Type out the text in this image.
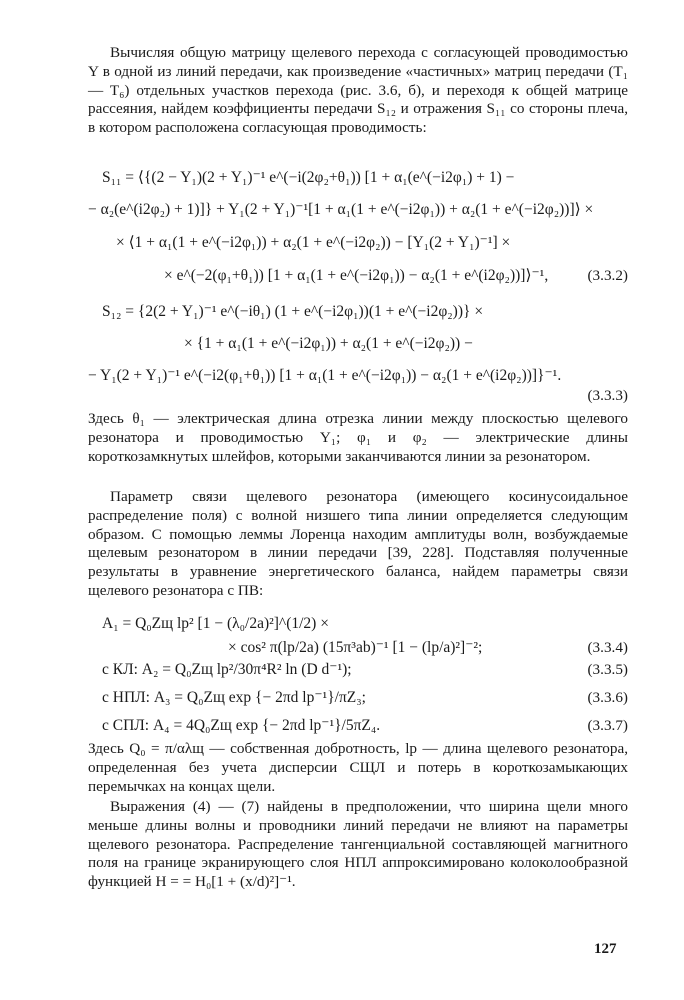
Вычисляя общую матрицу щелевого перехода с согласующей проводимостью Y в одной из линий передачи, как произведение «частичных» матриц передачи (T₁ — T₆) отдельных участков перехода (рис. 3.6, б), и переходя к общей матрице рассеяния, найдем коэффициенты передачи S₁₂ и отражения S₁₁ со стороны плеча, в котором расположена согласующая проводимость:

S₁₁ = ⟨{(2 − Y₁)(2 + Y₁)⁻¹ e^(−i(2φ₂+θ₁)) [1 + α₁(e^(−i2φ₁) + 1) −
− α₂(e^(i2φ₂) + 1)]} + Y₁(2 + Y₁)⁻¹[1 + α₁(1 + e^(−i2φ₁)) + α₂(1 + e^(−i2φ₂))]⟩ ×
× ⟨1 + α₁(1 + e^(−i2φ₁)) + α₂(1 + e^(−i2φ₂)) − [Y₁(2 + Y₁)⁻¹] ×
× e^(−2(φ₁+θ₁)) [1 + α₁(1 + e^(−i2φ₁)) − α₂(1 + e^(i2φ₂))]⟩⁻¹,	(3.3.2)
S₁₂ = {2(2 + Y₁)⁻¹ e^(−iθ₁) (1 + e^(−i2φ₁))(1 + e^(−i2φ₂))} ×
× {1 + α₁(1 + e^(−i2φ₁)) + α₂(1 + e^(−i2φ₂)) −
− Y₁(2 + Y₁)⁻¹ e^(−i2(φ₁+θ₁)) [1 + α₁(1 + e^(−i2φ₁)) − α₂(1 + e^(i2φ₂))]}⁻¹.
(3.3.3)

Здесь θ₁ — электрическая длина отрезка линии между плоскостью щелевого резонатора и проводимостью Y₁; φ₁ и φ₂ — электрические длины короткозамкнутых шлейфов, которыми заканчиваются линии за резонатором.

Параметр связи щелевого резонатора (имеющего косинусоидальное распределение поля) с волной низшего типа линии определяется следующим образом. С помощью леммы Лоренца находим амплитуды волн, возбуждаемые щелевым резонатором в линии передачи [39, 228]. Подставляя полученные результаты в уравнение энергетического баланса, найдем параметры связи щелевого резонатора с ПВ:

A₁ = Q₀Zщ lр² [1 − (λ₀/2a)²]^(1/2) ×
× cos² π(lр/2a) (15π³ab)⁻¹ [1 − (lр/a)²]⁻²;	(3.3.4)
с КЛ: A₂ = Q₀Zщ lр²/30π⁴R² ln (D d⁻¹);	(3.3.5)
с НПЛ: A₃ = Q₀Zщ exp {− 2πd lр⁻¹}/πZ₃;	(3.3.6)
с СПЛ: A₄ = 4Q₀Zщ exp {− 2πd lр⁻¹}/5πZ₄.	(3.3.7)

Здесь Q₀ = π/αλщ — собственная добротность, lр — длина щелевого резонатора, определенная без учета дисперсии СЩЛ и потерь в короткозамыкающих перемычках на концах щели.

Выражения (4) — (7) найдены в предположении, что ширина щели много меньше длины волны и проводники линий передачи не влияют на параметры щелевого резонатора. Распределение тангенциальной составляющей магнитного поля на границе экранирующего слоя НПЛ аппроксимировано колоколообразной функцией H = = H₀[1 + (x/d)²]⁻¹.

127
